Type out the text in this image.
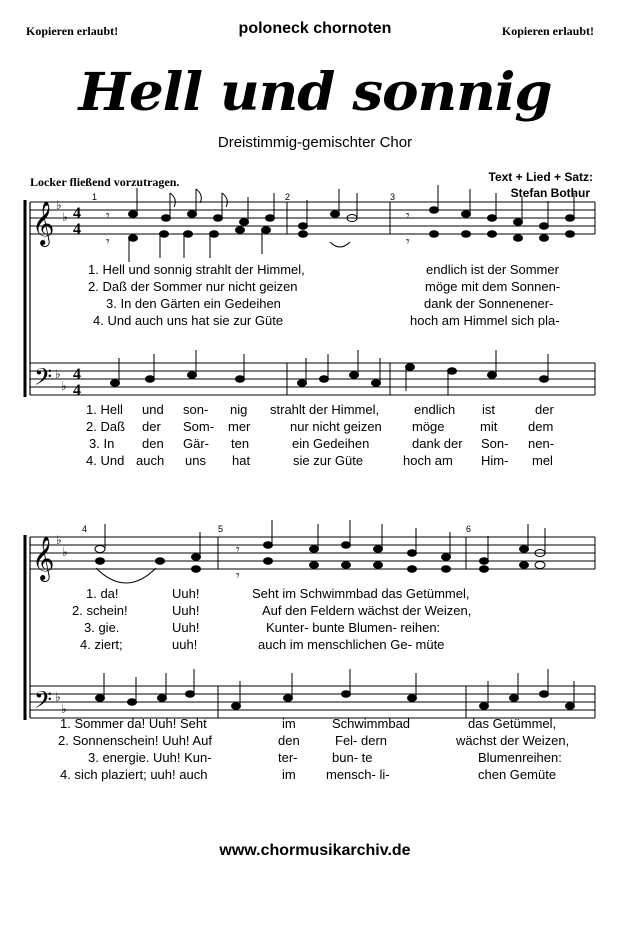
Kopieren erlaubt!	poloneck chornoten	Kopieren erlaubt!
Hell und sonnig
Dreistimmig-gemischter Chor
Locker fließend vorzutragen.	Text + Lied + Satz:
Stefan Bothur
𝄞
𝄢
𝄞
𝄢
♭
♭
♭
♭
♭
♭
♭
♭
4
4
4
4
1	2	3
4	5	6
𝄾
𝄾
𝄾
𝄾
𝄾
𝄾
1. Hell und sonnig strahlt der Himmel,	endlich ist der Sommer
2. Daß der Sommer nur nicht geizen	möge mit dem Sonnen-
3. In den Gärten ein Gedeihen	dank der Sonnenener-
4. Und auch uns hat sie zur Güte	hoch am Himmel sich pla-
1. Hell und son- nig strahlt der Himmel,	endlich ist	der
2. Daß der Som- mer	nur nicht geizen möge	mit dem
3. In den Gär- ten	ein Gedeihen	dank der Son- nen-
4. Und auch uns hat	sie zur Güte	hoch am Him- mel
1. da!	Uuh!	Seht im Schwimmbad das Getümmel,
2. schein!	Uuh!	Auf den Feldern wächst der Weizen,
3. gie.	Uuh!	Kunter- bunte Blumen- reihen:
4. ziert;	uuh!	auch im menschlichen Ge- müte
1. Sommer da! Uuh! Seht	im	Schwimmbad	das Getümmel,
2. Sonnenschein! Uuh! Auf	den	Fel- dern	wächst der Weizen,
3. energie. Uuh! Kun-	ter-	bun- te	Blumenreihen:
4. sich plaziert; uuh! auch	im mensch- li-	chen Gemüte
www.chormusikarchiv.de
